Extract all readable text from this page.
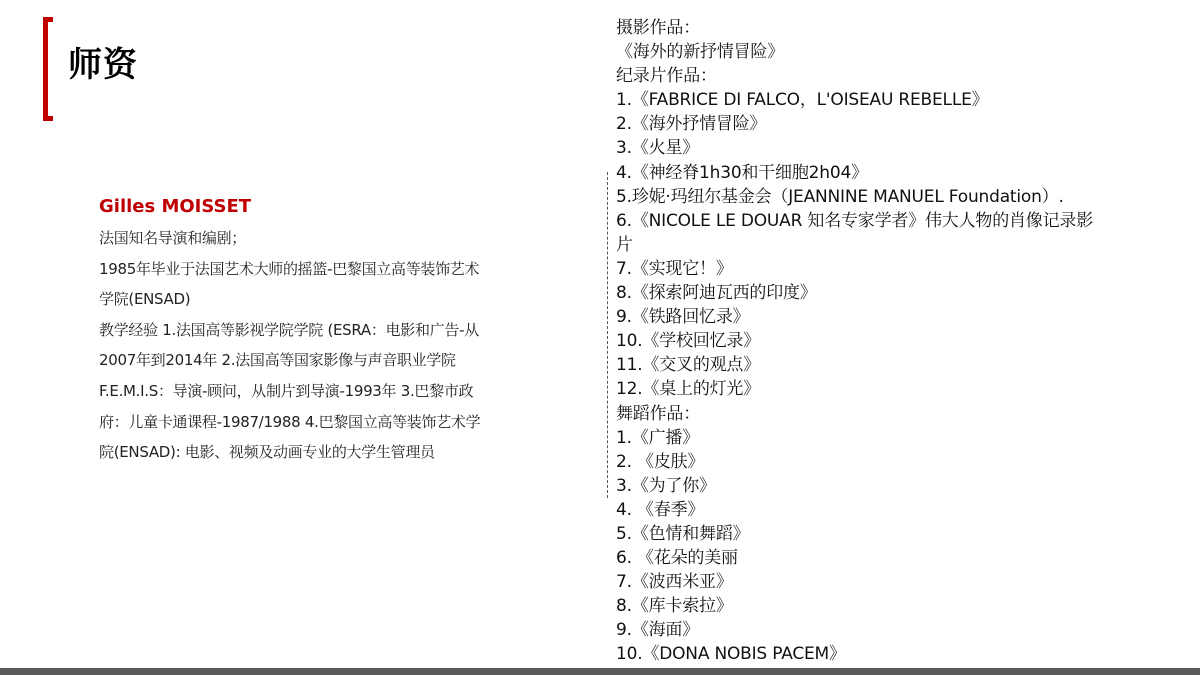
师资
Gilles MOISSET
法国知名导演和编剧；
1985年毕业于法国艺术大师的摇篮-巴黎国立高等装饰艺术
学院(ENSAD)
教学经验 1.法国高等影视学院学院 (ESRA：电影和广告-从
2007年到2014年 2.法国高等国家影像与声音职业学院
F.E.M.I.S：导演-顾问，从制片到导演-1993年 3.巴黎市政
府：儿童卡通课程-1987/1988 4.巴黎国立高等装饰艺术学
院(ENSAD): 电影、视频及动画专业的大学生管理员
摄影作品：
《海外的新抒情冒险》
纪录片作品：
1.《FABRICE DI FALCO，L'OISEAU REBELLE》
2.《海外抒情冒险》
3.《火星》
4.《神经脊1h30和干细胞2h04》
5.珍妮·玛纽尔基金会（JEANNINE MANUEL Foundation）.
6.《NICOLE LE DOUAR 知名专家学者》伟大人物的肖像记录影
片
7.《实现它！》
8.《探索阿迪瓦西的印度》
9.《铁路回忆录》
10.《学校回忆录》
11.《交叉的观点》
12.《桌上的灯光》
舞蹈作品：
1.《广播》
2. 《皮肤》
3.《为了你》
4. 《春季》
5.《色情和舞蹈》
6. 《花朵的美丽
7.《波西米亚》
8.《库卡索拉》
9.《海面》
10.《DONA NOBIS PACEM》
